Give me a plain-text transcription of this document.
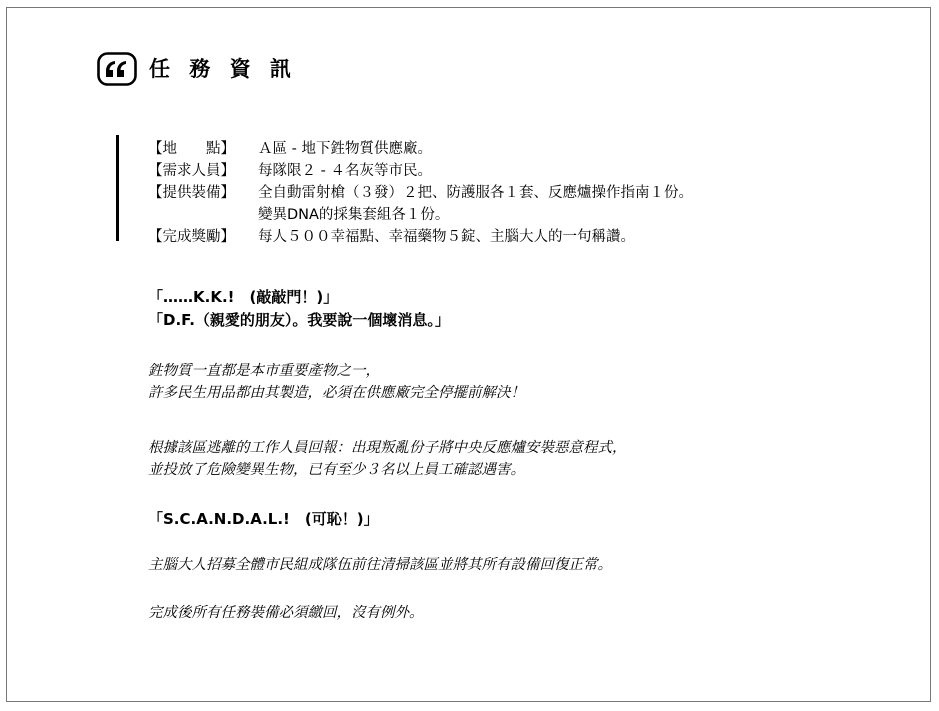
任 務 資 訊
【地　　點】	Ａ區 - 地下鉎物質供應廠。
【需求人員】	每隊限２ - ４名灰等市民。
【提供裝備】	全自動雷射槍（３發）２把、防護服各１套、反應爐操作指南１份。
變異DNA的採集套組各１份。
【完成獎勵】	每人５００幸福點、幸福藥物５錠、主腦大人的一句稱讚。
「……K.K.!　(敲敲門！)」
「D.F.（親愛的朋友）。我要說一個壞消息。」
鉎物質一直都是本市重要產物之一，
許多民生用品都由其製造，必須在供應廠完全停擺前解決！
根據該區逃離的工作人員回報：出現叛亂份子將中央反應爐安裝惡意程式，
並投放了危險變異生物，已有至少３名以上員工確認遇害。
「S.C.A.N.D.A.L.!　(可恥！)」
主腦大人招募全體市民組成隊伍前往清掃該區並將其所有設備回復正常。
完成後所有任務裝備必須繳回，沒有例外。
